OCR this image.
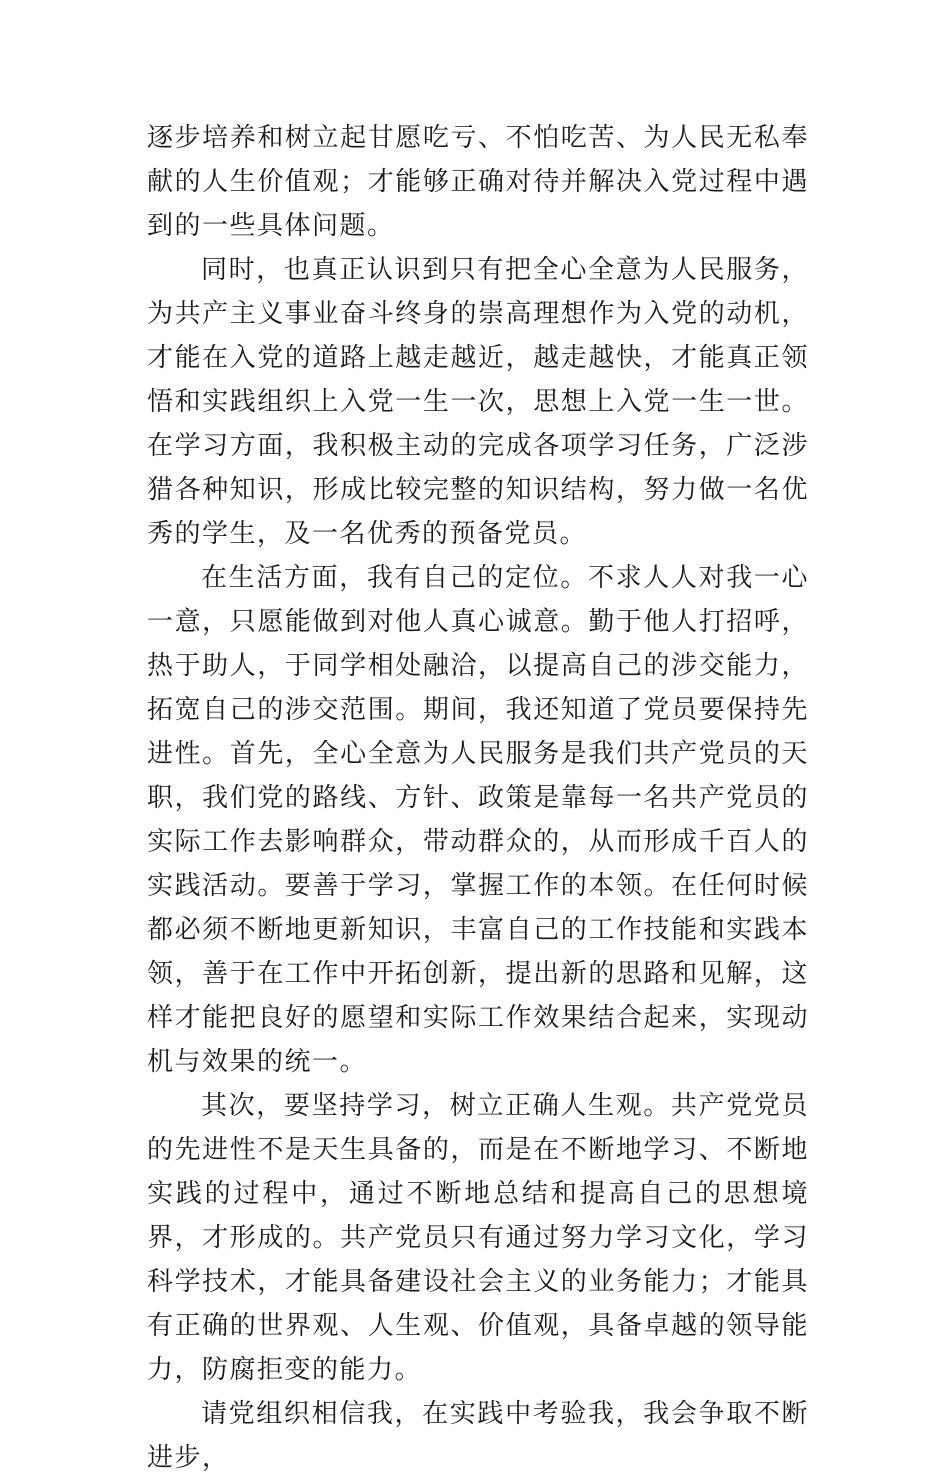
逐步培养和树立起甘愿吃亏、不怕吃苦、为人民无私奉献的人生价值观；才能够正确对待并解决入党过程中遇到的一些具体问题。

同时，也真正认识到只有把全心全意为人民服务，为共产主义事业奋斗终身的崇高理想作为入党的动机，才能在入党的道路上越走越近，越走越快，才能真正领悟和实践组织上入党一生一次，思想上入党一生一世。 在学习方面，我积极主动的完成各项学习任务，广泛涉猎各种知识，形成比较完整的知识结构，努力做一名优秀的学生，及一名优秀的预备党员。

在生活方面，我有自己的定位。不求人人对我一心一意，只愿能做到对他人真心诚意。勤于他人打招呼，热于助人，于同学相处融洽，以提高自己的涉交能力，拓宽自己的涉交范围。期间，我还知道了党员要保持先进性。首先，全心全意为人民服务是我们共产党员的天职，我们党的路线、方针、政策是靠每一名共产党员的实际工作去影响群众，带动群众的，从而形成千百人的实践活动。要善于学习，掌握工作的本领。在任何时候都必须不断地更新知识，丰富自己的工作技能和实践本领，善于在工作中开拓创新，提出新的思路和见解，这样才能把良好的愿望和实际工作效果结合起来，实现动机与效果的统一。

其次，要坚持学习，树立正确人生观。共产党党员的先进性不是天生具备的，而是在不断地学习、不断地实践的过程中，通过不断地总结和提高自己的思想境界，才形成的。共产党员只有通过努力学习文化，学习科学技术，才能具备建设社会主义的业务能力；才能具有正确的世界观、人生观、价值观，具备卓越的领导能力，防腐拒变的能力。

请党组织相信我，在实践中考验我，我会争取不断进步，
